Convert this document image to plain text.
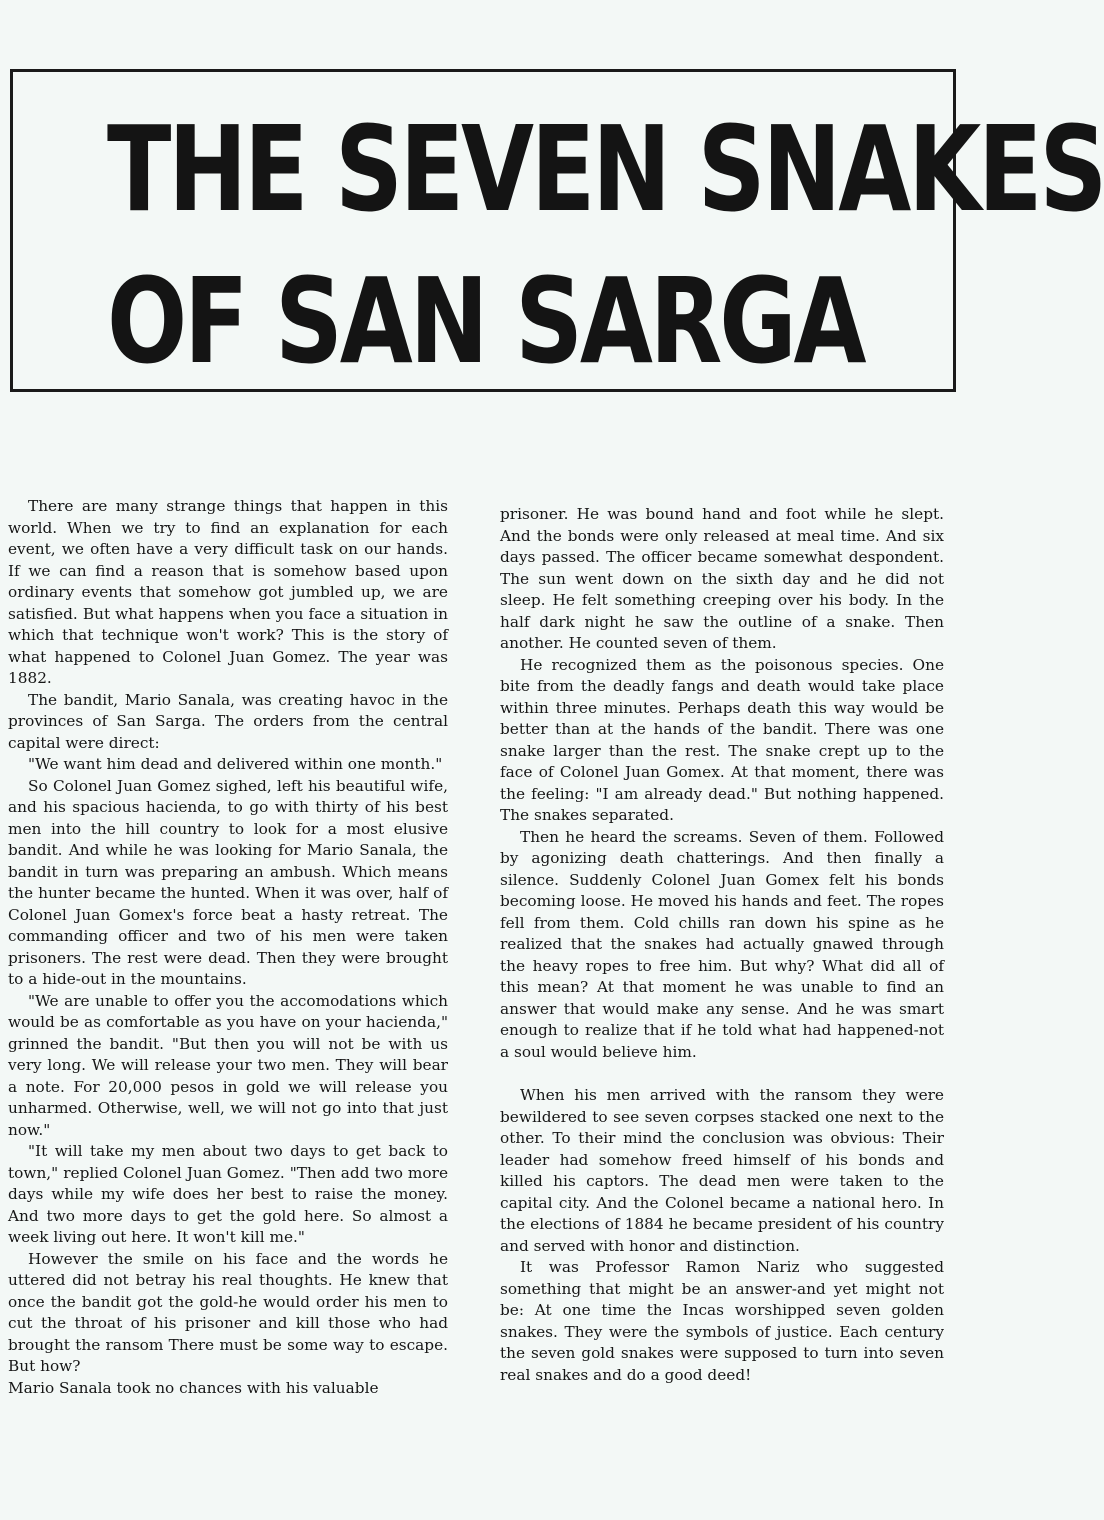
THE SEVEN SNAKES
OF SAN SARGA

There are many strange things that happen in this world. When we try to find an explanation for each event, we often have a very difficult task on our hands. If we can find a reason that is somehow based upon ordinary events that somehow got jumbled up, we are satisfied. But what happens when you face a situation in which that technique won't work? This is the story of what happened to Colonel Juan Gomez. The year was 1882.

The bandit, Mario Sanala, was creating havoc in the provinces of San Sarga. The orders from the central capital were direct:

"We want him dead and delivered within one month."

So Colonel Juan Gomez sighed, left his beautiful wife, and his spacious hacienda, to go with thirty of his best men into the hill country to look for a most elusive bandit. And while he was looking for Mario Sanala, the bandit in turn was preparing an ambush. Which means the hunter became the hunted. When it was over, half of Colonel Juan Gomex's force beat a hasty retreat. The commanding officer and two of his men were taken prisoners. The rest were dead. Then they were brought to a hide-out in the mountains.

"We are unable to offer you the accomodations which would be as comfortable as you have on your hacienda," grinned the bandit. "But then you will not be with us very long. We will release your two men. They will bear a note. For 20,000 pesos in gold we will release you unharmed. Otherwise, well, we will not go into that just now."

"It will take my men about two days to get back to town," replied Colonel Juan Gomez. "Then add two more days while my wife does her best to raise the money. And two more days to get the gold here. So almost a week living out here. It won't kill me."

However the smile on his face and the words he uttered did not betray his real thoughts. He knew that once the bandit got the gold-he would order his men to cut the throat of his prisoner and kill those who had brought the ransom There must be some way to escape. But how?

Mario Sanala took no chances with his valuable

prisoner. He was bound hand and foot while he slept. And the bonds were only released at meal time. And six days passed. The officer became somewhat despondent. The sun went down on the sixth day and he did not sleep. He felt something creeping over his body. In the half dark night he saw the outline of a snake. Then another. He counted seven of them.

He recognized them as the poisonous species. One bite from the deadly fangs and death would take place within three minutes. Perhaps death this way would be better than at the hands of the bandit. There was one snake larger than the rest. The snake crept up to the face of Colonel Juan Gomex. At that moment, there was the feeling: "I am already dead." But nothing happened. The snakes separated.

Then he heard the screams. Seven of them. Followed by agonizing death chatterings. And then finally a silence. Suddenly Colonel Juan Gomex felt his bonds becoming loose. He moved his hands and feet. The ropes fell from them. Cold chills ran down his spine as he realized that the snakes had actually gnawed through the heavy ropes to free him. But why? What did all of this mean? At that moment he was unable to find an answer that would make any sense. And he was smart enough to realize that if he told what had happened-not a soul would believe him.

When his men arrived with the ransom they were bewildered to see seven corpses stacked one next to the other. To their mind the conclusion was obvious: Their leader had somehow freed himself of his bonds and killed his captors. The dead men were taken to the capital city. And the Colonel became a national hero. In the elections of 1884 he became president of his country and served with honor and distinction.

It was Professor Ramon Nariz who suggested something that might be an answer-and yet might not be: At one time the Incas worshipped seven golden snakes. They were the symbols of justice. Each century the seven gold snakes were supposed to turn into seven real snakes and do a good deed!
